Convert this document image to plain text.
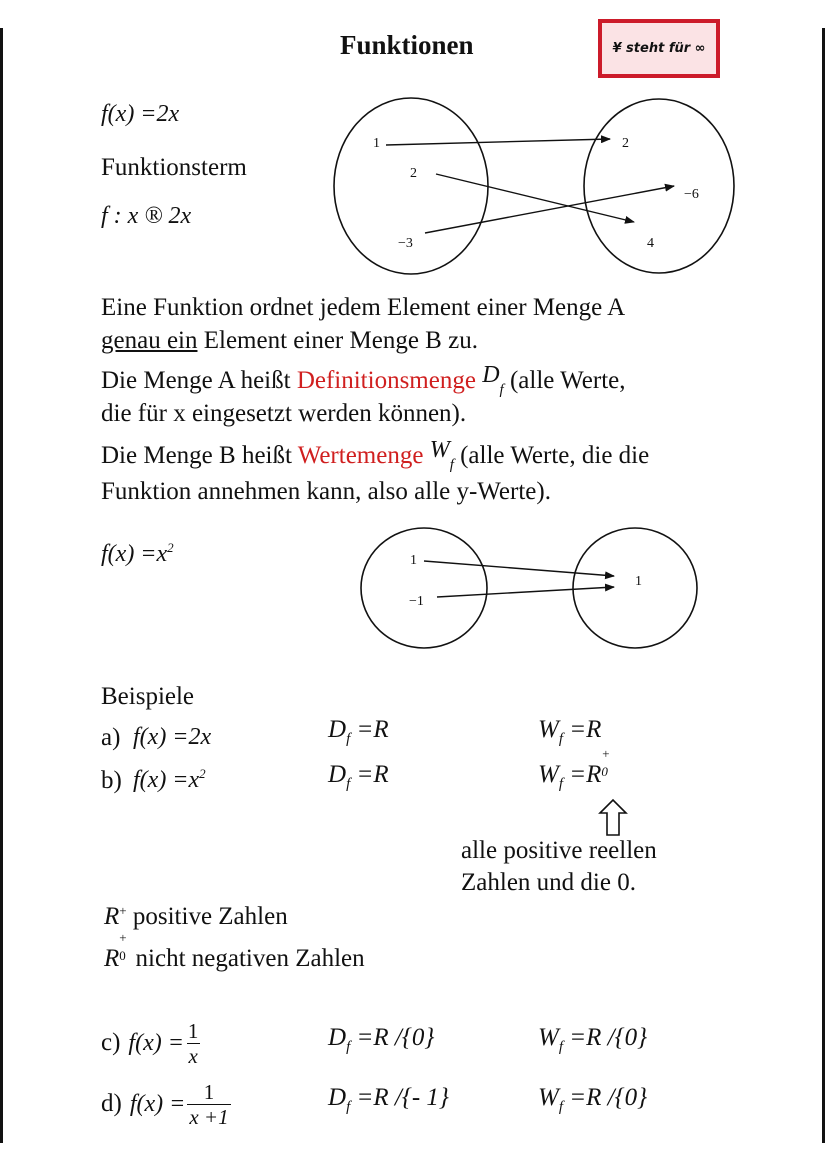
Funktionen	¥ steht für ∞
f(x) =2x
Funktionsterm
f : x ® 2x
1
2
−3
2
−6
4
Eine Funktion ordnet jedem Element einer Menge A
genau ein Element einer Menge B zu.
Die Menge A heißt Definitionsmenge $D_f$ (alle Werte,
die für x eingesetzt werden können).
Die Menge B heißt Wertemenge $W_f$ (alle Werte, die die
Funktion annehmen kann, also alle y-Werte).
$f(x) =x^2$
1
−1
1
Beispiele
a) f(x) =2x	$D_f =R$	$W_f =R$
b) $f(x) =x^2$	$D_f =R$	$W_f =R$
+
0
alle positive reellen
Zahlen und die 0.
R+ positive Zahlen
R
+
0 nicht negativen Zahlen
c) $f(x) = \frac{1}{x}$	$D_f =R$ /{0}	$W_f =R$ /{0}
d) $f(x) = \frac{1}{x +1}$	$D_f =R$ /{- 1}	$W_f =R$ /{0}
